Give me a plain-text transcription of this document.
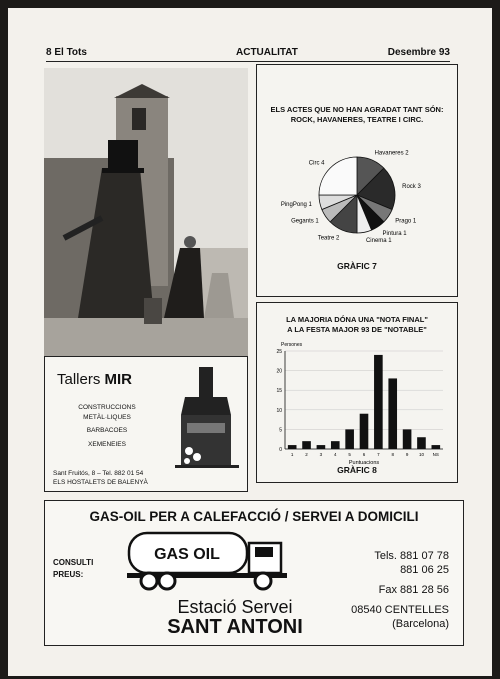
8 El Tots	ACTUALITAT	Desembre 93
ELS ACTES QUE NO HAN AGRADAT TANT SÓN:
ROCK, HAVANERES, TEATRE I CIRC.
Havaneres 2
Rock 3
Prago 1
Pintura 1
Cinema 1
Teatre 2
Gegants 1
PingPong 1
Circ 4
GRÀFIC 7
LA MAJORIA DÓNA UNA "NOTA FINAL"
A LA FESTA MAJOR 93 DE "NOTABLE"
Persones
25
20
15
10
5
0
1	2	3	4	5	6	7	8	9 10 NS
Puntuacions
GRÀFIC 8
Tallers MIR
CONSTRUCCIONS
METÀL·LIQUES
BARBACOES
XEMENEIES
Sant Fruitós, 8 – Tel. 882 01 54
ELS HOSTALETS DE BALENYÀ
GAS-OIL PER A CALEFACCIÓ / SERVEI A DOMICILI
CONSULTI
PREUS:
GAS OIL
Estació Servei
SANT ANTONI
Tels. 881 07 78
881 06 25
Fax 881 28 56
08540 CENTELLES
(Barcelona)
